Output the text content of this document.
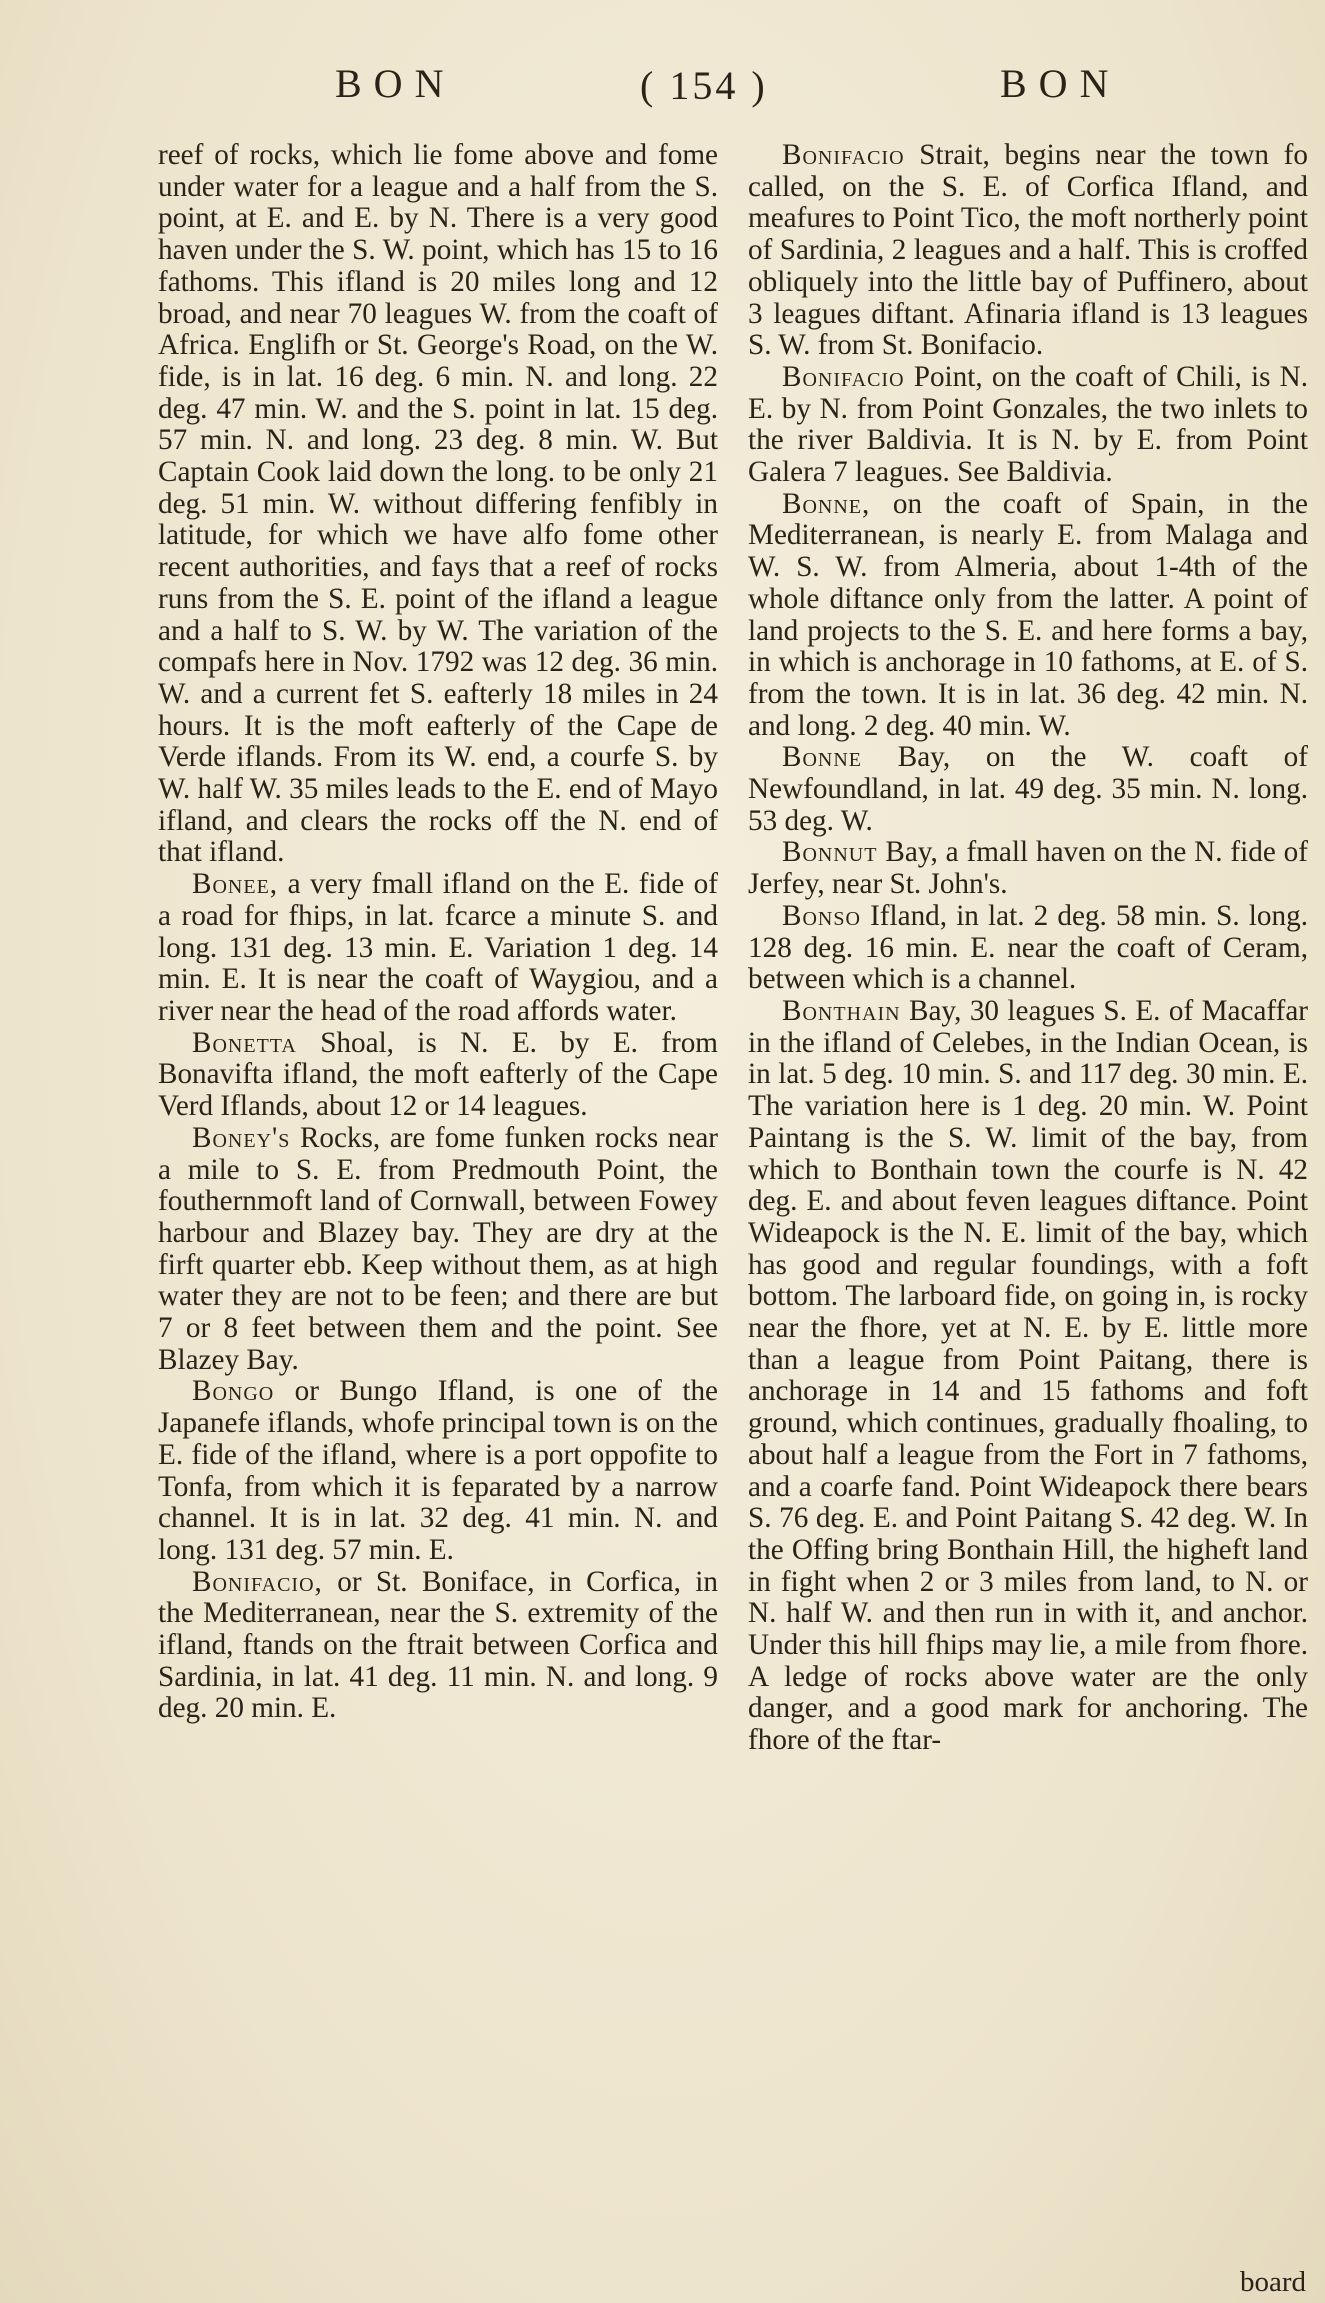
BON	( 154 )	BON

reef of rocks, which lie fome above and fome under water for a league and a half from the S. point, at E. and E. by N. There is a very good haven under the S. W. point, which has 15 to 16 fathoms. This ifland is 20 miles long and 12 broad, and near 70 leagues W. from the coaft of Africa. Englifh or St. George's Road, on the W. fide, is in lat. 16 deg. 6 min. N. and long. 22 deg. 47 min. W. and the S. point in lat. 15 deg. 57 min. N. and long. 23 deg. 8 min. W. But Captain Cook laid down the long. to be only 21 deg. 51 min. W. without differing fenfibly in latitude, for which we have alfo fome other recent authorities, and fays that a reef of rocks runs from the S. E. point of the ifland a league and a half to S. W. by W. The variation of the compafs here in Nov. 1792 was 12 deg. 36 min. W. and a current fet S. eafterly 18 miles in 24 hours. It is the moft eafterly of the Cape de Verde iflands. From its W. end, a courfe S. by W. half W. 35 miles leads to the E. end of Mayo ifland, and clears the rocks off the N. end of that ifland.

Bonee, a very fmall ifland on the E. fide of a road for fhips, in lat. fcarce a minute S. and long. 131 deg. 13 min. E. Variation 1 deg. 14 min. E. It is near the coaft of Waygiou, and a river near the head of the road affords water.

Bonetta Shoal, is N. E. by E. from Bonavifta ifland, the moft eafterly of the Cape Verd Iflands, about 12 or 14 leagues.

Boney's Rocks, are fome funken rocks near a mile to S. E. from Predmouth Point, the fouthernmoft land of Cornwall, between Fowey harbour and Blazey bay. They are dry at the firft quarter ebb. Keep without them, as at high water they are not to be feen; and there are but 7 or 8 feet between them and the point. See Blazey Bay.

Bongo or Bungo Ifland, is one of the Japanefe iflands, whofe principal town is on the E. fide of the ifland, where is a port oppofite to Tonfa, from which it is feparated by a narrow channel. It is in lat. 32 deg. 41 min. N. and long. 131 deg. 57 min. E.

Bonifacio, or St. Boniface, in Corfica, in the Mediterranean, near the S. extremity of the ifland, ftands on the ftrait between Corfica and Sardinia, in lat. 41 deg. 11 min. N. and long. 9 deg. 20 min. E.

Bonifacio Strait, begins near the town fo called, on the S. E. of Corfica Ifland, and meafures to Point Tico, the moft northerly point of Sardinia, 2 leagues and a half. This is croffed obliquely into the little bay of Puffinero, about 3 leagues diftant. Afinaria ifland is 13 leagues S. W. from St. Bonifacio.

Bonifacio Point, on the coaft of Chili, is N. E. by N. from Point Gonzales, the two inlets to the river Baldivia. It is N. by E. from Point Galera 7 leagues. See Baldivia.

Bonne, on the coaft of Spain, in the Mediterranean, is nearly E. from Malaga and W. S. W. from Almeria, about 1-4th of the whole diftance only from the latter. A point of land projects to the S. E. and here forms a bay, in which is anchorage in 10 fathoms, at E. of S. from the town. It is in lat. 36 deg. 42 min. N. and long. 2 deg. 40 min. W.

Bonne Bay, on the W. coaft of Newfoundland, in lat. 49 deg. 35 min. N. long. 53 deg. W.

Bonnut Bay, a fmall haven on the N. fide of Jerfey, near St. John's.

Bonso Ifland, in lat. 2 deg. 58 min. S. long. 128 deg. 16 min. E. near the coaft of Ceram, between which is a channel.

Bonthain Bay, 30 leagues S. E. of Macaffar in the ifland of Celebes, in the Indian Ocean, is in lat. 5 deg. 10 min. S. and 117 deg. 30 min. E. The variation here is 1 deg. 20 min. W. Point Paintang is the S. W. limit of the bay, from which to Bonthain town the courfe is N. 42 deg. E. and about feven leagues diftance. Point Wideapock is the N. E. limit of the bay, which has good and regular foundings, with a foft bottom. The larboard fide, on going in, is rocky near the fhore, yet at N. E. by E. little more than a league from Point Paitang, there is anchorage in 14 and 15 fathoms and foft ground, which continues, gradually fhoaling, to about half a league from the Fort in 7 fathoms, and a coarfe fand. Point Wideapock there bears S. 76 deg. E. and Point Paitang S. 42 deg. W. In the Offing bring Bonthain Hill, the higheft land in fight when 2 or 3 miles from land, to N. or N. half W. and then run in with it, and anchor. Under this hill fhips may lie, a mile from fhore. A ledge of rocks above water are the only danger, and a good mark for anchoring. The fhore of the ftar-

board
